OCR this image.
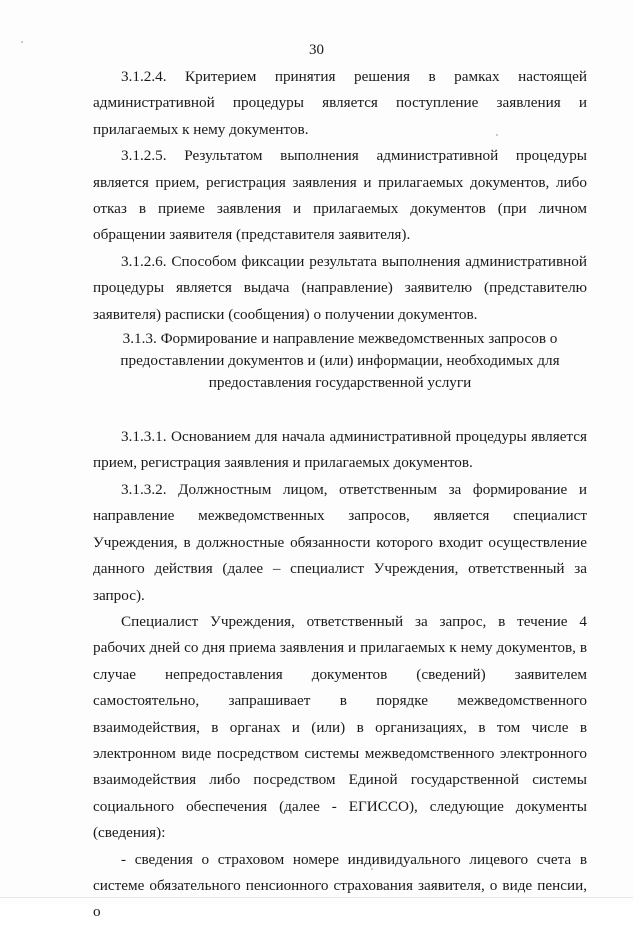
30

3.1.2.4. Критерием принятия решения в рамках настоящей административной процедуры является поступление заявления и прилагаемых к нему документов.

3.1.2.5. Результатом выполнения административной процедуры является прием, регистрация заявления и прилагаемых документов, либо отказ в приеме заявления и прилагаемых документов (при личном обращении заявителя (представителя заявителя).

3.1.2.6. Способом фиксации результата выполнения административной процедуры является выдача (направление) заявителю (представителю заявителя) расписки (сообщения) о получении документов.

3.1.3. Формирование и направление межведомственных запросов о предоставлении документов и (или) информации, необходимых для предоставления государственной услуги

3.1.3.1. Основанием для начала административной процедуры является прием, регистрация заявления и прилагаемых документов.

3.1.3.2. Должностным лицом, ответственным за формирование и направление межведомственных запросов, является специалист Учреждения, в должностные обязанности которого входит осуществление данного действия (далее – специалист Учреждения, ответственный за запрос).

Специалист Учреждения, ответственный за запрос, в течение 4 рабочих дней со дня приема заявления и прилагаемых к нему документов, в случае непредоставления документов (сведений) заявителем самостоятельно, запрашивает в порядке межведомственного взаимодействия, в органах и (или) в организациях, в том числе в электронном виде посредством системы межведомственного электронного взаимодействия либо посредством Единой государственной системы социального обеспечения (далее - ЕГИССО), следующие документы (сведения):

- сведения о страховом номере индивидуального лицевого счета в системе обязательного пенсионного страхования заявителя, о виде пенсии, о
